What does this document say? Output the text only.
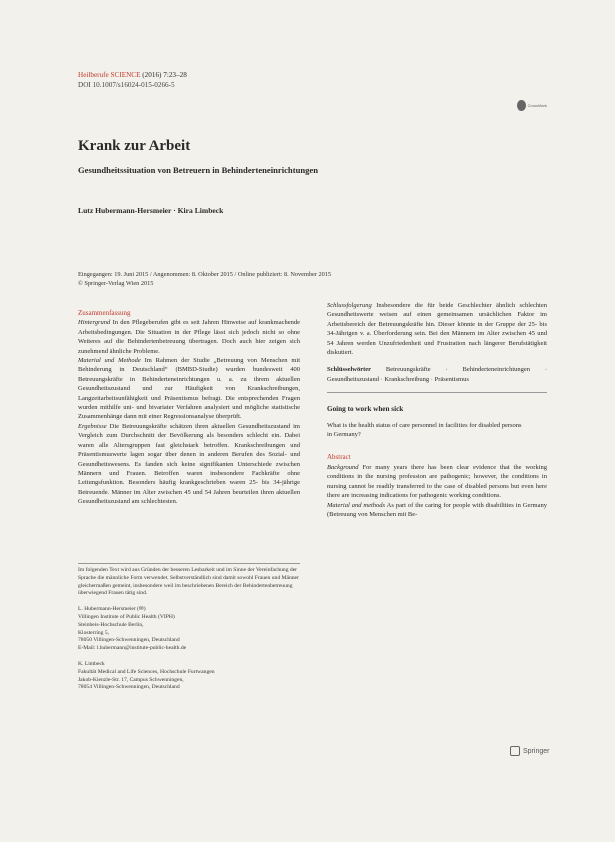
Heilberufe SCIENCE (2016) 7:23–28
DOI 10.1007/s16024-015-0266-5
CrossMark
Krank zur Arbeit
Gesundheitssituation von Betreuern in Behinderteneinrichtungen
Lutz Hubermann-Hersmeier · Kira Limbeck
Eingegangen: 19. Juni 2015 / Angenommen: 8. Oktober 2015 / Online publiziert: 8. November 2015
© Springer-Verlag Wien 2015
Zusammenfassung

Hintergrund In den Pflegeberufen gibt es seit Jahren Hinweise auf krankmachende Arbeitsbedingungen. Die Situation in der Pflege lässt sich jedoch nicht so ohne Weiteres auf die Behindertenbetreuung übertragen. Doch auch hier zeigen sich zunehmend ähnliche Probleme.

Material und Methode Im Rahmen der Studie „Betreuung von Menschen mit Behinderung in Deutschland“ (BMBD-Studie) wurden bundesweit 400 Betreuungskräfte in Behinderteneinrichtungen u. a. zu ihrem aktuellen Gesundheitszustand und zur Häufigkeit von Krankschreibungen, Langzeitarbeitsunfähigkeit und Präsentismus befragt. Die entsprechenden Fragen wurden mithilfe uni- und bivariater Verfahren analysiert und mögliche statistische Zusammenhänge dann mit einer Regressionsanalyse überprüft.

Ergebnisse Die Betreuungskräfte schätzen ihren aktuellen Gesundheitszustand im Vergleich zum Durchschnitt der Bevölkerung als besonders schlecht ein. Dabei waren alle Altersgruppen fast gleichstark betroffen. Krankschreibungen und Präsentismuswerte lagen sogar über denen in anderen Berufen des Sozial- und Gesundheitswesens. Es fanden sich keine signifikanten Unterschiede zwischen Männern und Frauen. Betroffen waren insbesondere Fachkräfte ohne Leitungsfunktion. Besonders häufig krankgeschrieben waren 25- bis 34-jährige Betreuende. Männer im Alter zwischen 45 und 54 Jahren beurteilen ihren aktuellen Gesundheitszustand am schlechtesten.

Schlussfolgerung Insbesondere die für beide Geschlechter ähnlich schlechten Gesundheitswerte weisen auf einen gemeinsamen ursächlichen Faktor im Arbeitsbereich der Betreuungskräfte hin. Dieser könnte in der Gruppe der 25- bis 34-Jährigen v. a. Überforderung sein. Bei den Männern im Alter zwischen 45 und 54 Jahren werden Unzufriedenheit und Frustration nach längerer Berufstätigkeit diskutiert.

Schlüsselwörter Betreuungskräfte · Behinderteneinrichtungen · Gesundheitszustand · Krankschreibung · Präsentismus

Going to work when sick
What is the health status of care personnel in facilities for disabled persons in Germany?
Abstract

Background For many years there has been clear evidence that the working conditions in the nursing profession are pathogenic; however, the conditions in nursing cannot be readily transferred to the case of disabled persons but even here there are increasing indications for pathogenic working conditions.

Material and methods As part of the caring for people with disabilities in Germany (Betreuung von Menschen mit Be-

Im folgenden Text wird aus Gründen der besseren Lesbarkeit und im Sinne der Vereinfachung der Sprache die männliche Form verwendet. Selbstverständlich sind damit sowohl Frauen und Männer gleichermaßen gemeint, insbesondere weil im beschriebenen Bereich der Behindertenbetreuung überwiegend Frauen tätig sind.
L. Hubermann-Hersmeier (✉)
Villingen Institute of Public Health (VIPH)
Steinbeis-Hochschule Berlin,
Klosterring 5,
78050 Villingen-Schwenningen, Deutschland
E-Mail: l.hubermann@institute-public-health.de
K. Limbeck
Fakultät Medical and Life Sciences, Hochschule Furtwangen
Jakob-Kienzle-Str. 17, Campus Schwenningen,
78054 Villingen-Schwenningen, Deutschland
Springer
